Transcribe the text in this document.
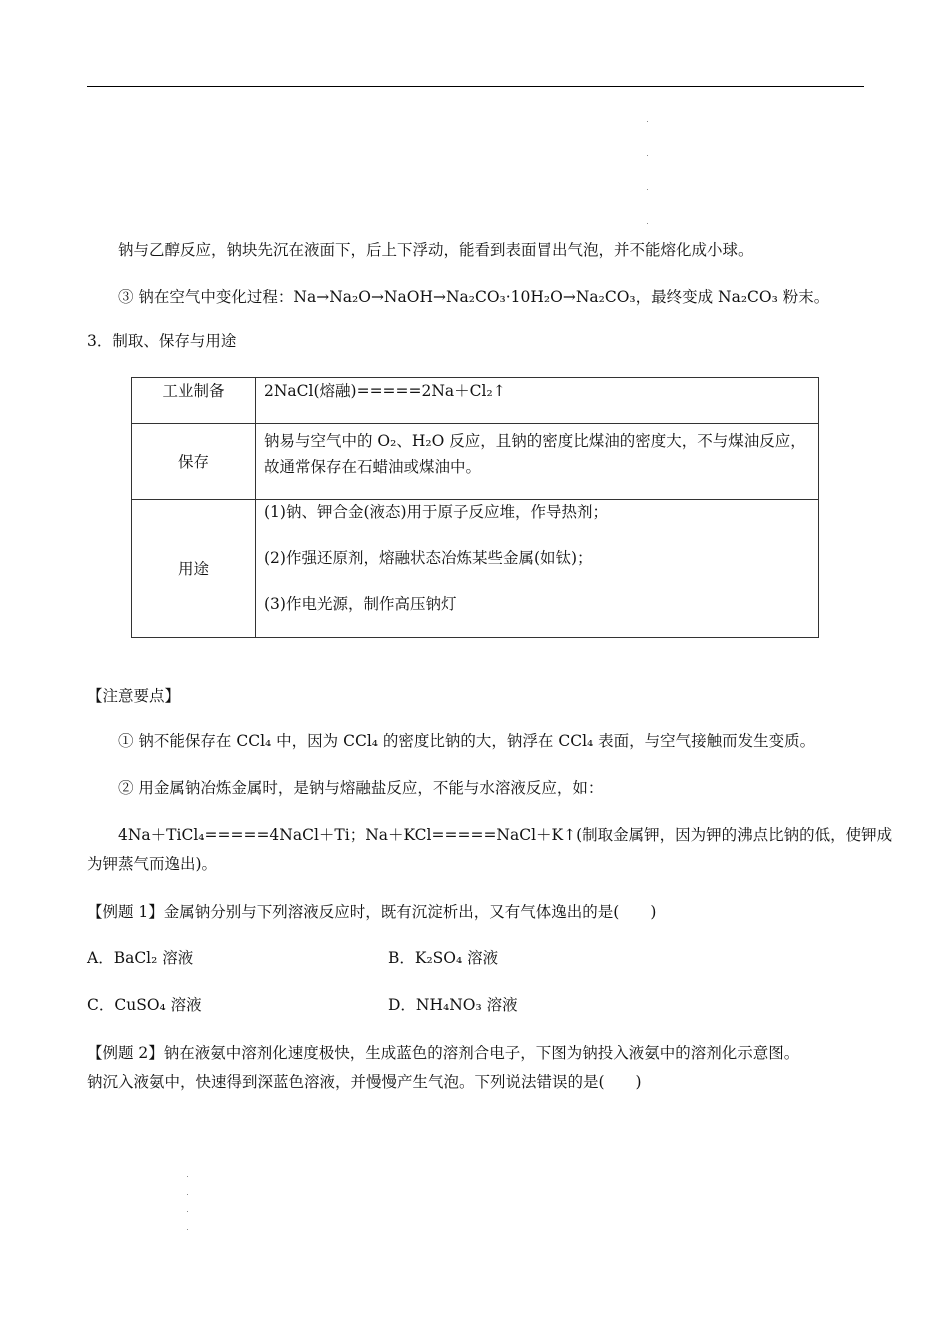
钠与乙醇反应，钠块先沉在液面下，后上下浮动，能看到表面冒出气泡，并不能熔化成小球。
③ 钠在空气中变化过程：Na→Na₂O→NaOH→Na₂CO₃·10H₂O→Na₂CO₃，最终变成 Na₂CO₃ 粉末。
3．制取、保存与用途
工业制备	2NaCl(熔融)=====2Na＋Cl₂↑
保存	钠易与空气中的 O₂、H₂O 反应，且钠的密度比煤油的密度大，不与煤油反应，故通常保存在石蜡油或煤油中。
用途	(1)钠、钾合金(液态)用于原子反应堆，作导热剂；
(2)作强还原剂，熔融状态冶炼某些金属(如钛)；
(3)作电光源，制作高压钠灯
【注意要点】
① 钠不能保存在 CCl₄ 中，因为 CCl₄ 的密度比钠的大，钠浮在 CCl₄ 表面，与空气接触而发生变质。
② 用金属钠冶炼金属时，是钠与熔融盐反应，不能与水溶液反应，如：
4Na＋TiCl₄=====4NaCl＋Ti；Na＋KCl=====NaCl＋K↑(制取金属钾，因为钾的沸点比钠的低，使钾成
为钾蒸气而逸出)。
【例题 1】金属钠分别与下列溶液反应时，既有沉淀析出，又有气体逸出的是(　　)
A．BaCl₂ 溶液	B．K₂SO₄ 溶液
C．CuSO₄ 溶液	D．NH₄NO₃ 溶液
【例题 2】钠在液氨中溶剂化速度极快，生成蓝色的溶剂合电子，下图为钠投入液氨中的溶剂化示意图。
钠沉入液氨中，快速得到深蓝色溶液，并慢慢产生气泡。下列说法错误的是(　　)
